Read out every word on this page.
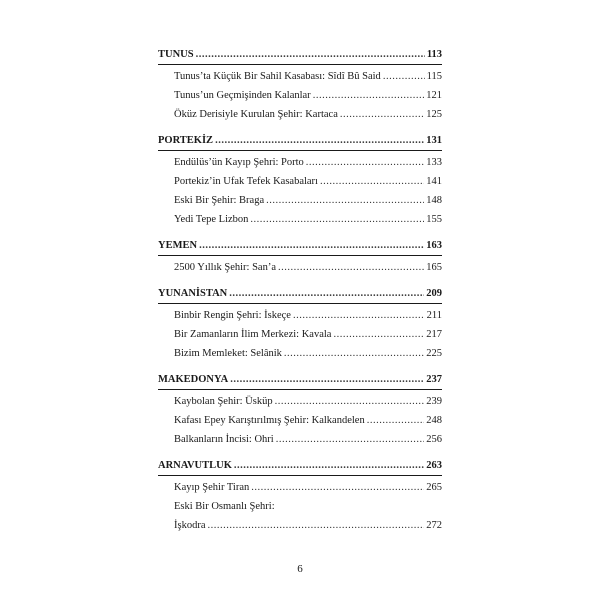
TUNUS .....	113
Tunus’ta Küçük Bir Sahil Kasabası: Sîdî Bû Said .....	115
Tunus’un Geçmişinden Kalanlar .....	121
Öküz Derisiyle Kurulan Şehir: Kartaca .....	125
PORTEKİZ .....	131
Endülüs’ün Kayıp Şehri: Porto .....	133
Portekiz’in Ufak Tefek Kasabaları .....	141
Eski Bir Şehir: Braga .....	148
Yedi Tepe Lizbon .....	155
YEMEN .....	163
2500 Yıllık Şehir: San’a .....	165
YUNANİSTAN .....	209
Binbir Rengin Şehri: İskeçe .....	211
Bir Zamanların İlim Merkezi: Kavala .....	217
Bizim Memleket: Selânik .....	225
MAKEDONYA .....	237
Kaybolan Şehir: Üsküp .....	239
Kafası Epey Karıştırılmış Şehir: Kalkandelen .....	248
Balkanların İncisi: Ohri .....	256
ARNAVUTLUK .....	263
Kayıp Şehir Tiran .....	265
Eski Bir Osmanlı Şehri:
İşkodra .....	272
6
